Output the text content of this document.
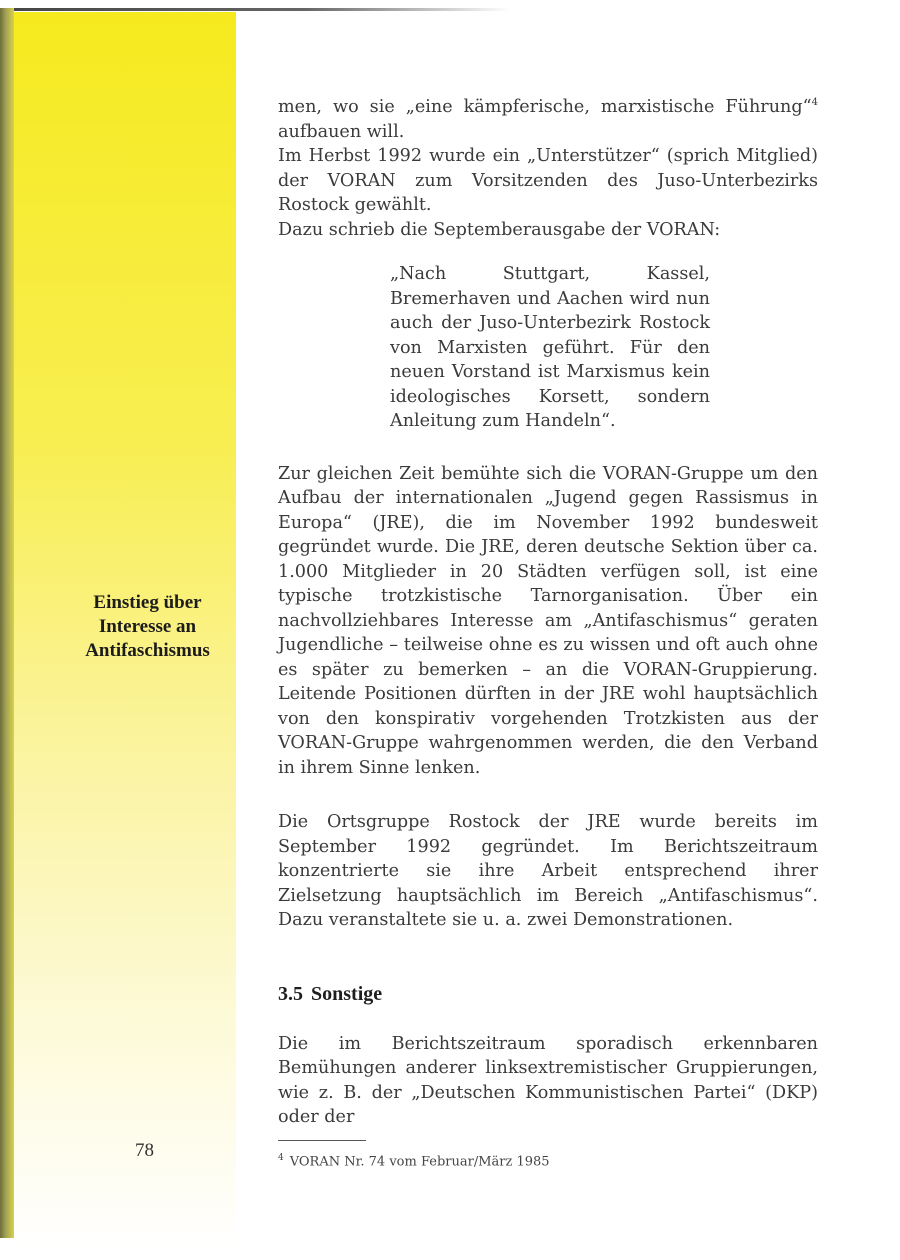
Einstieg über
Interesse an
Antifaschismus

men, wo sie „eine kämpferische, marxistische Führung“$^4$ aufbauen will.

Im Herbst 1992 wurde ein „Unterstützer“ (sprich Mitglied) der VORAN zum Vorsitzenden des Juso-Unterbezirks Rostock gewählt.

Dazu schrieb die Septemberausgabe der VORAN:

„Nach Stuttgart, Kassel, Bremerhaven und Aachen wird nun auch der Juso-Unterbezirk Rostock von Marxisten geführt. Für den neuen Vorstand ist Marxismus kein ideologisches Korsett, sondern Anleitung zum Handeln“.

Zur gleichen Zeit bemühte sich die VORAN-Gruppe um den Aufbau der internationalen „Jugend gegen Rassismus in Europa“ (JRE), die im November 1992 bundesweit gegründet wurde. Die JRE, deren deutsche Sektion über ca. 1.000 Mitglieder in 20 Städten verfügen soll, ist eine typische trotzkistische Tarnorganisation. Über ein nachvollziehbares Interesse am „Antifaschismus“ geraten Jugendliche – teilweise ohne es zu wissen und oft auch ohne es später zu bemerken – an die VORAN-Gruppierung. Leitende Positionen dürften in der JRE wohl hauptsächlich von den konspirativ vorgehenden Trotzkisten aus der VORAN-Gruppe wahrgenommen werden, die den Verband in ihrem Sinne lenken.

Die Ortsgruppe Rostock der JRE wurde bereits im September 1992 gegründet. Im Berichtszeitraum konzentrierte sie ihre Arbeit entsprechend ihrer Zielsetzung hauptsächlich im Bereich „Antifaschismus“. Dazu veranstaltete sie u. a. zwei Demonstrationen.

3.5 Sonstige

Die im Berichtszeitraum sporadisch erkennbaren Bemühungen anderer linksextremistischer Gruppierungen, wie z. B. der „Deutschen Kommunistischen Partei“ (DKP) oder der

78	$^4$ VORAN Nr. 74 vom Februar/März 1985
